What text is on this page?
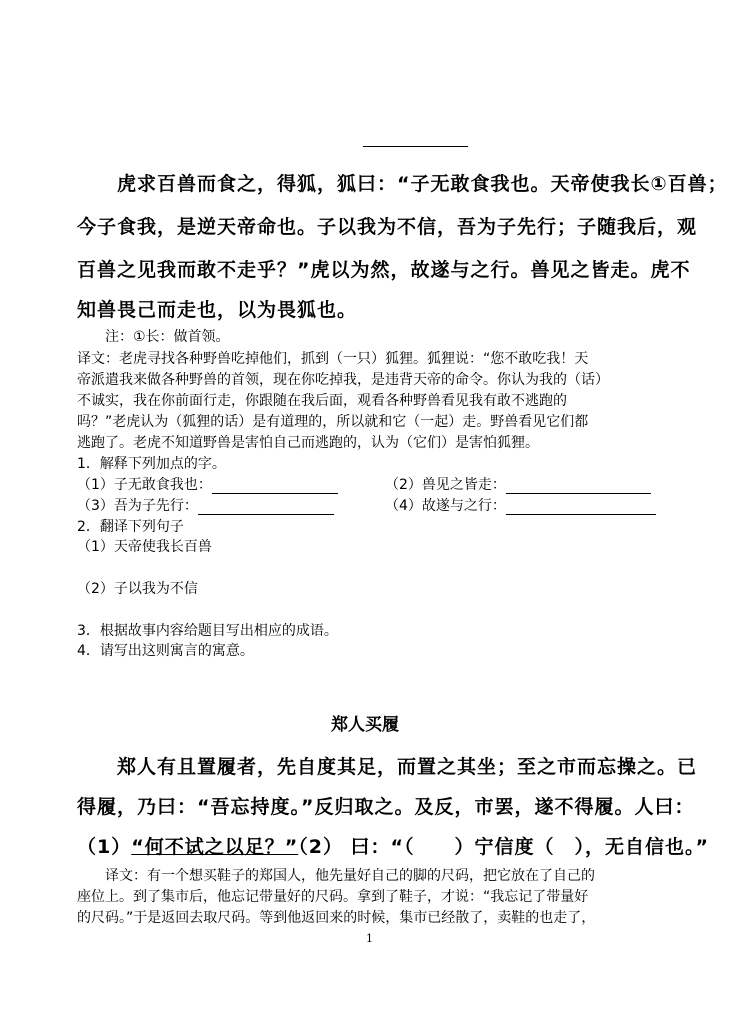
虎求百兽而食之，得狐，狐曰：“子无敢食我也。天帝使我长①百兽；
今子食我，是逆天帝命也。子以我为不信，吾为子先行；子随我后，观
百兽之见我而敢不走乎？”虎以为然，故遂与之行。兽见之皆走。虎不
知兽畏己而走也，以为畏狐也。
注：①长：做首领。
译文：老虎寻找各种野兽吃掉他们，抓到（一只）狐狸。狐狸说：“您不敢吃我！天
帝派遣我来做各种野兽的首领，现在你吃掉我，是违背天帝的命令。你认为我的（话）
不诚实，我在你前面行走，你跟随在我后面，观看各种野兽看见我有敢不逃跑的
吗？”老虎认为（狐狸的话）是有道理的，所以就和它（一起）走。野兽看见它们都
逃跑了。老虎不知道野兽是害怕自己而逃跑的，认为（它们）是害怕狐狸。
1．解释下列加点的字。
（1）子无敢食我也：	（2）兽见之皆走：
（3）吾为子先行：	（4）故遂与之行：
2．翻译下列句子
（1）天帝使我长百兽
（2）子以我为不信
3．根据故事内容给题目写出相应的成语。
4．请写出这则寓言的寓意。
郑人买履
郑人有且置履者，先自度其足，而置之其坐；至之市而忘操之。已
得履，乃曰：“吾忘持度。”反归取之。及反，市罢，遂不得履。人曰：
（1）“何不试之以足？”（2） 曰：“（　　）宁信度（　），无自信也。”
译文：有一个想买鞋子的郑国人，他先量好自己的脚的尺码，把它放在了自己的
座位上。到了集市后，他忘记带量好的尺码。拿到了鞋子，才说：“我忘记了带量好
的尺码。”于是返回去取尺码。等到他返回来的时候，集市已经散了，卖鞋的也走了，
1
